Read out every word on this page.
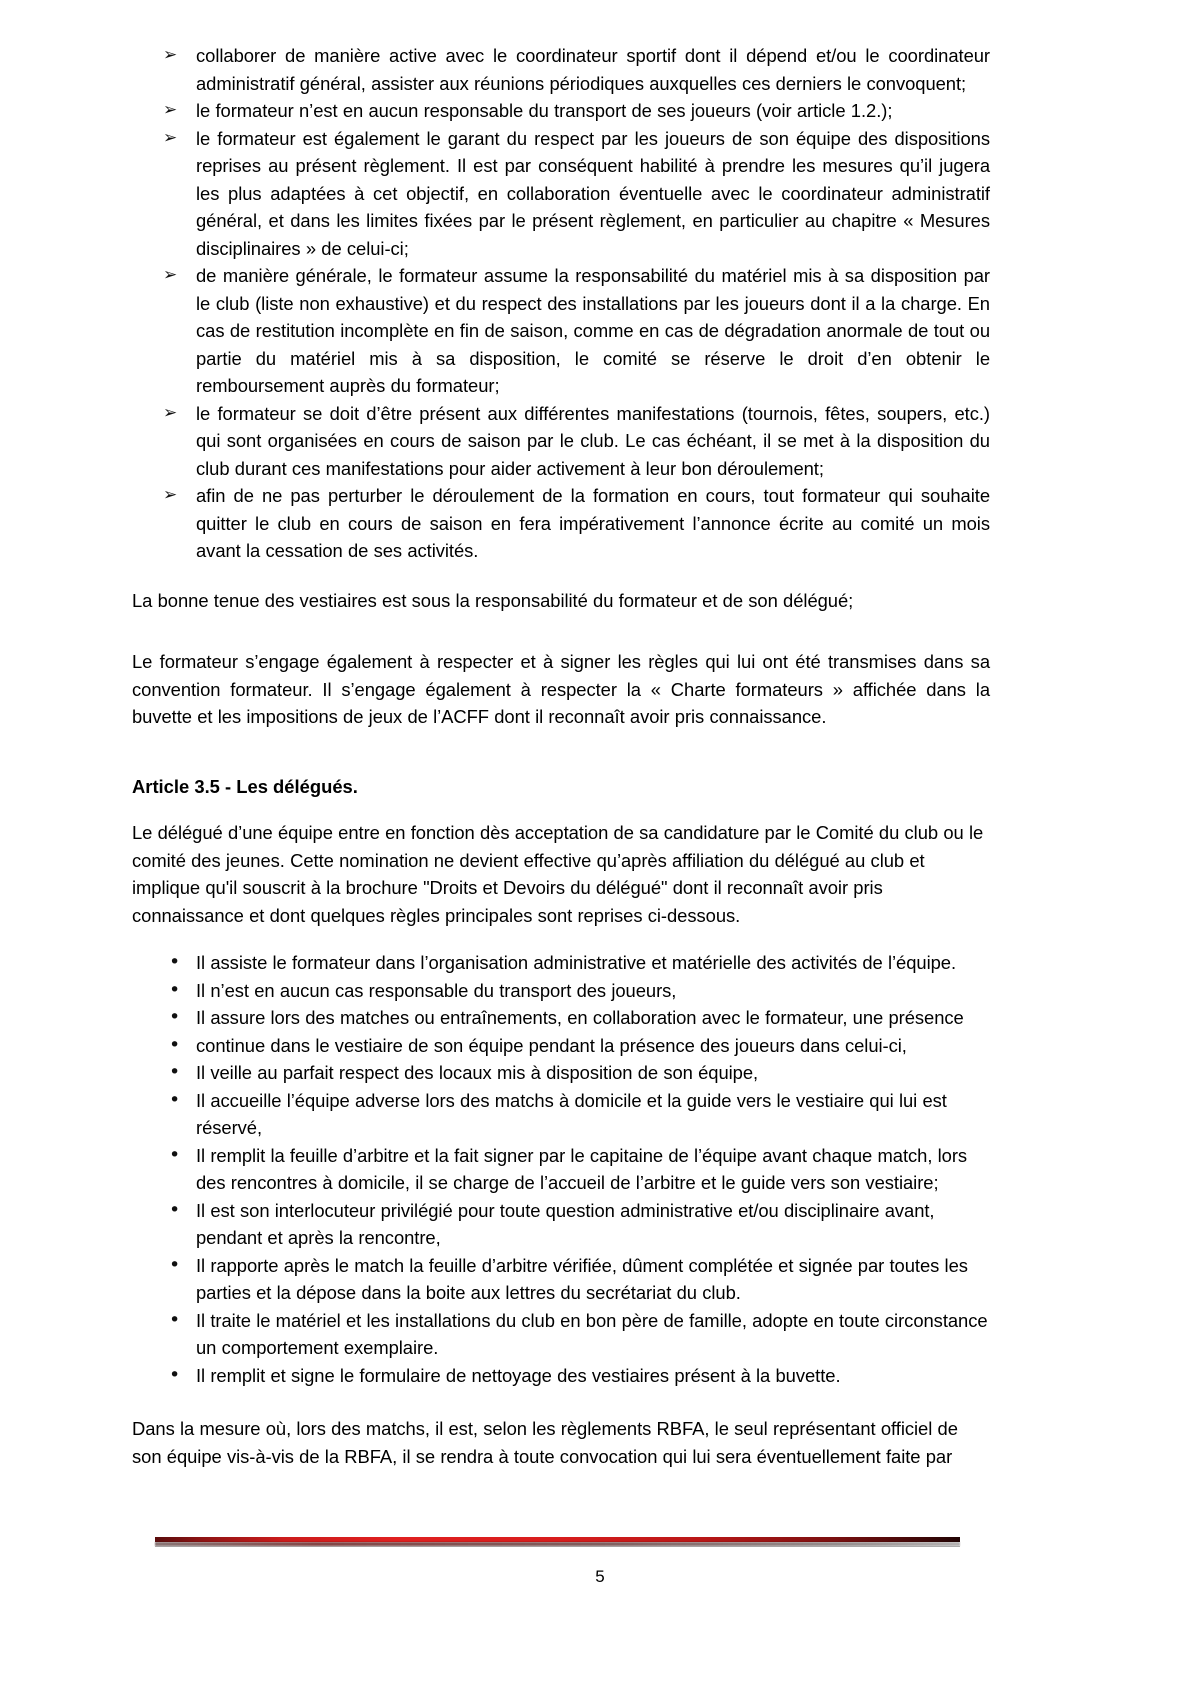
➢ collaborer de manière active avec le coordinateur sportif dont il dépend et/ou le coordinateur administratif général, assister aux réunions périodiques auxquelles ces derniers le convoquent;
➢ le formateur n’est en aucun responsable du transport de ses joueurs (voir article 1.2.);
➢ le formateur est également le garant du respect par les joueurs de son équipe des dispositions reprises au présent règlement. Il est par conséquent habilité à prendre les mesures qu’il jugera les plus adaptées à cet objectif, en collaboration éventuelle avec le coordinateur administratif général, et dans les limites fixées par le présent règlement, en particulier au chapitre « Mesures disciplinaires » de celui-ci;
➢ de manière générale, le formateur assume la responsabilité du matériel mis à sa disposition par le club (liste non exhaustive) et du respect des installations par les joueurs dont il a la charge. En cas de restitution incomplète en fin de saison, comme en cas de dégradation anormale de tout ou partie du matériel mis à sa disposition, le comité se réserve le droit d’en obtenir le remboursement auprès du formateur;
➢ le formateur se doit d’être présent aux différentes manifestations (tournois, fêtes, soupers, etc.) qui sont organisées en cours de saison par le club. Le cas échéant, il se met à la disposition du club durant ces manifestations pour aider activement à leur bon déroulement;
➢ afin de ne pas perturber le déroulement de la formation en cours, tout formateur qui souhaite quitter le club en cours de saison en fera impérativement l’annonce écrite au comité un mois avant la cessation de ses activités.

La bonne tenue des vestiaires est sous la responsabilité du formateur et de son délégué;

Le formateur s’engage également à respecter et à signer les règles qui lui ont été transmises dans sa convention formateur. Il s’engage également à respecter la « Charte formateurs » affichée dans la buvette et les impositions de jeux de l’ACFF dont il reconnaît avoir pris connaissance.

Article 3.5 - Les délégués.

Le délégué d’une équipe entre en fonction dès acceptation de sa candidature par le Comité du club ou le comité des jeunes. Cette nomination ne devient effective qu’après affiliation du délégué au club et implique qu'il souscrit à la brochure "Droits et Devoirs du délégué" dont il reconnaît avoir pris connaissance et dont quelques règles principales sont reprises ci-dessous.

• Il assiste le formateur dans l’organisation administrative et matérielle des activités de l’équipe.
• Il n’est en aucun cas responsable du transport des joueurs,
• Il assure lors des matches ou entraînements, en collaboration avec le formateur, une présence
• continue dans le vestiaire de son équipe pendant la présence des joueurs dans celui-ci,
• Il veille au parfait respect des locaux mis à disposition de son équipe,
• Il accueille l’équipe adverse lors des matchs à domicile et la guide vers le vestiaire qui lui est réservé,
• Il remplit la feuille d’arbitre et la fait signer par le capitaine de l’équipe avant chaque match, lors des rencontres à domicile, il se charge de l’accueil de l’arbitre et le guide vers son vestiaire;
• Il est son interlocuteur privilégié pour toute question administrative et/ou disciplinaire avant, pendant et après la rencontre,
• Il rapporte après le match la feuille d’arbitre vérifiée, dûment complétée et signée par toutes les parties et la dépose dans la boite aux lettres du secrétariat du club.
• Il traite le matériel et les installations du club en bon père de famille, adopte en toute circonstance un comportement exemplaire.
• Il remplit et signe le formulaire de nettoyage des vestiaires présent à la buvette.

Dans la mesure où, lors des matchs, il est, selon les règlements RBFA, le seul représentant officiel de son équipe vis-à-vis de la RBFA, il se rendra à toute convocation qui lui sera éventuellement faite par

5
